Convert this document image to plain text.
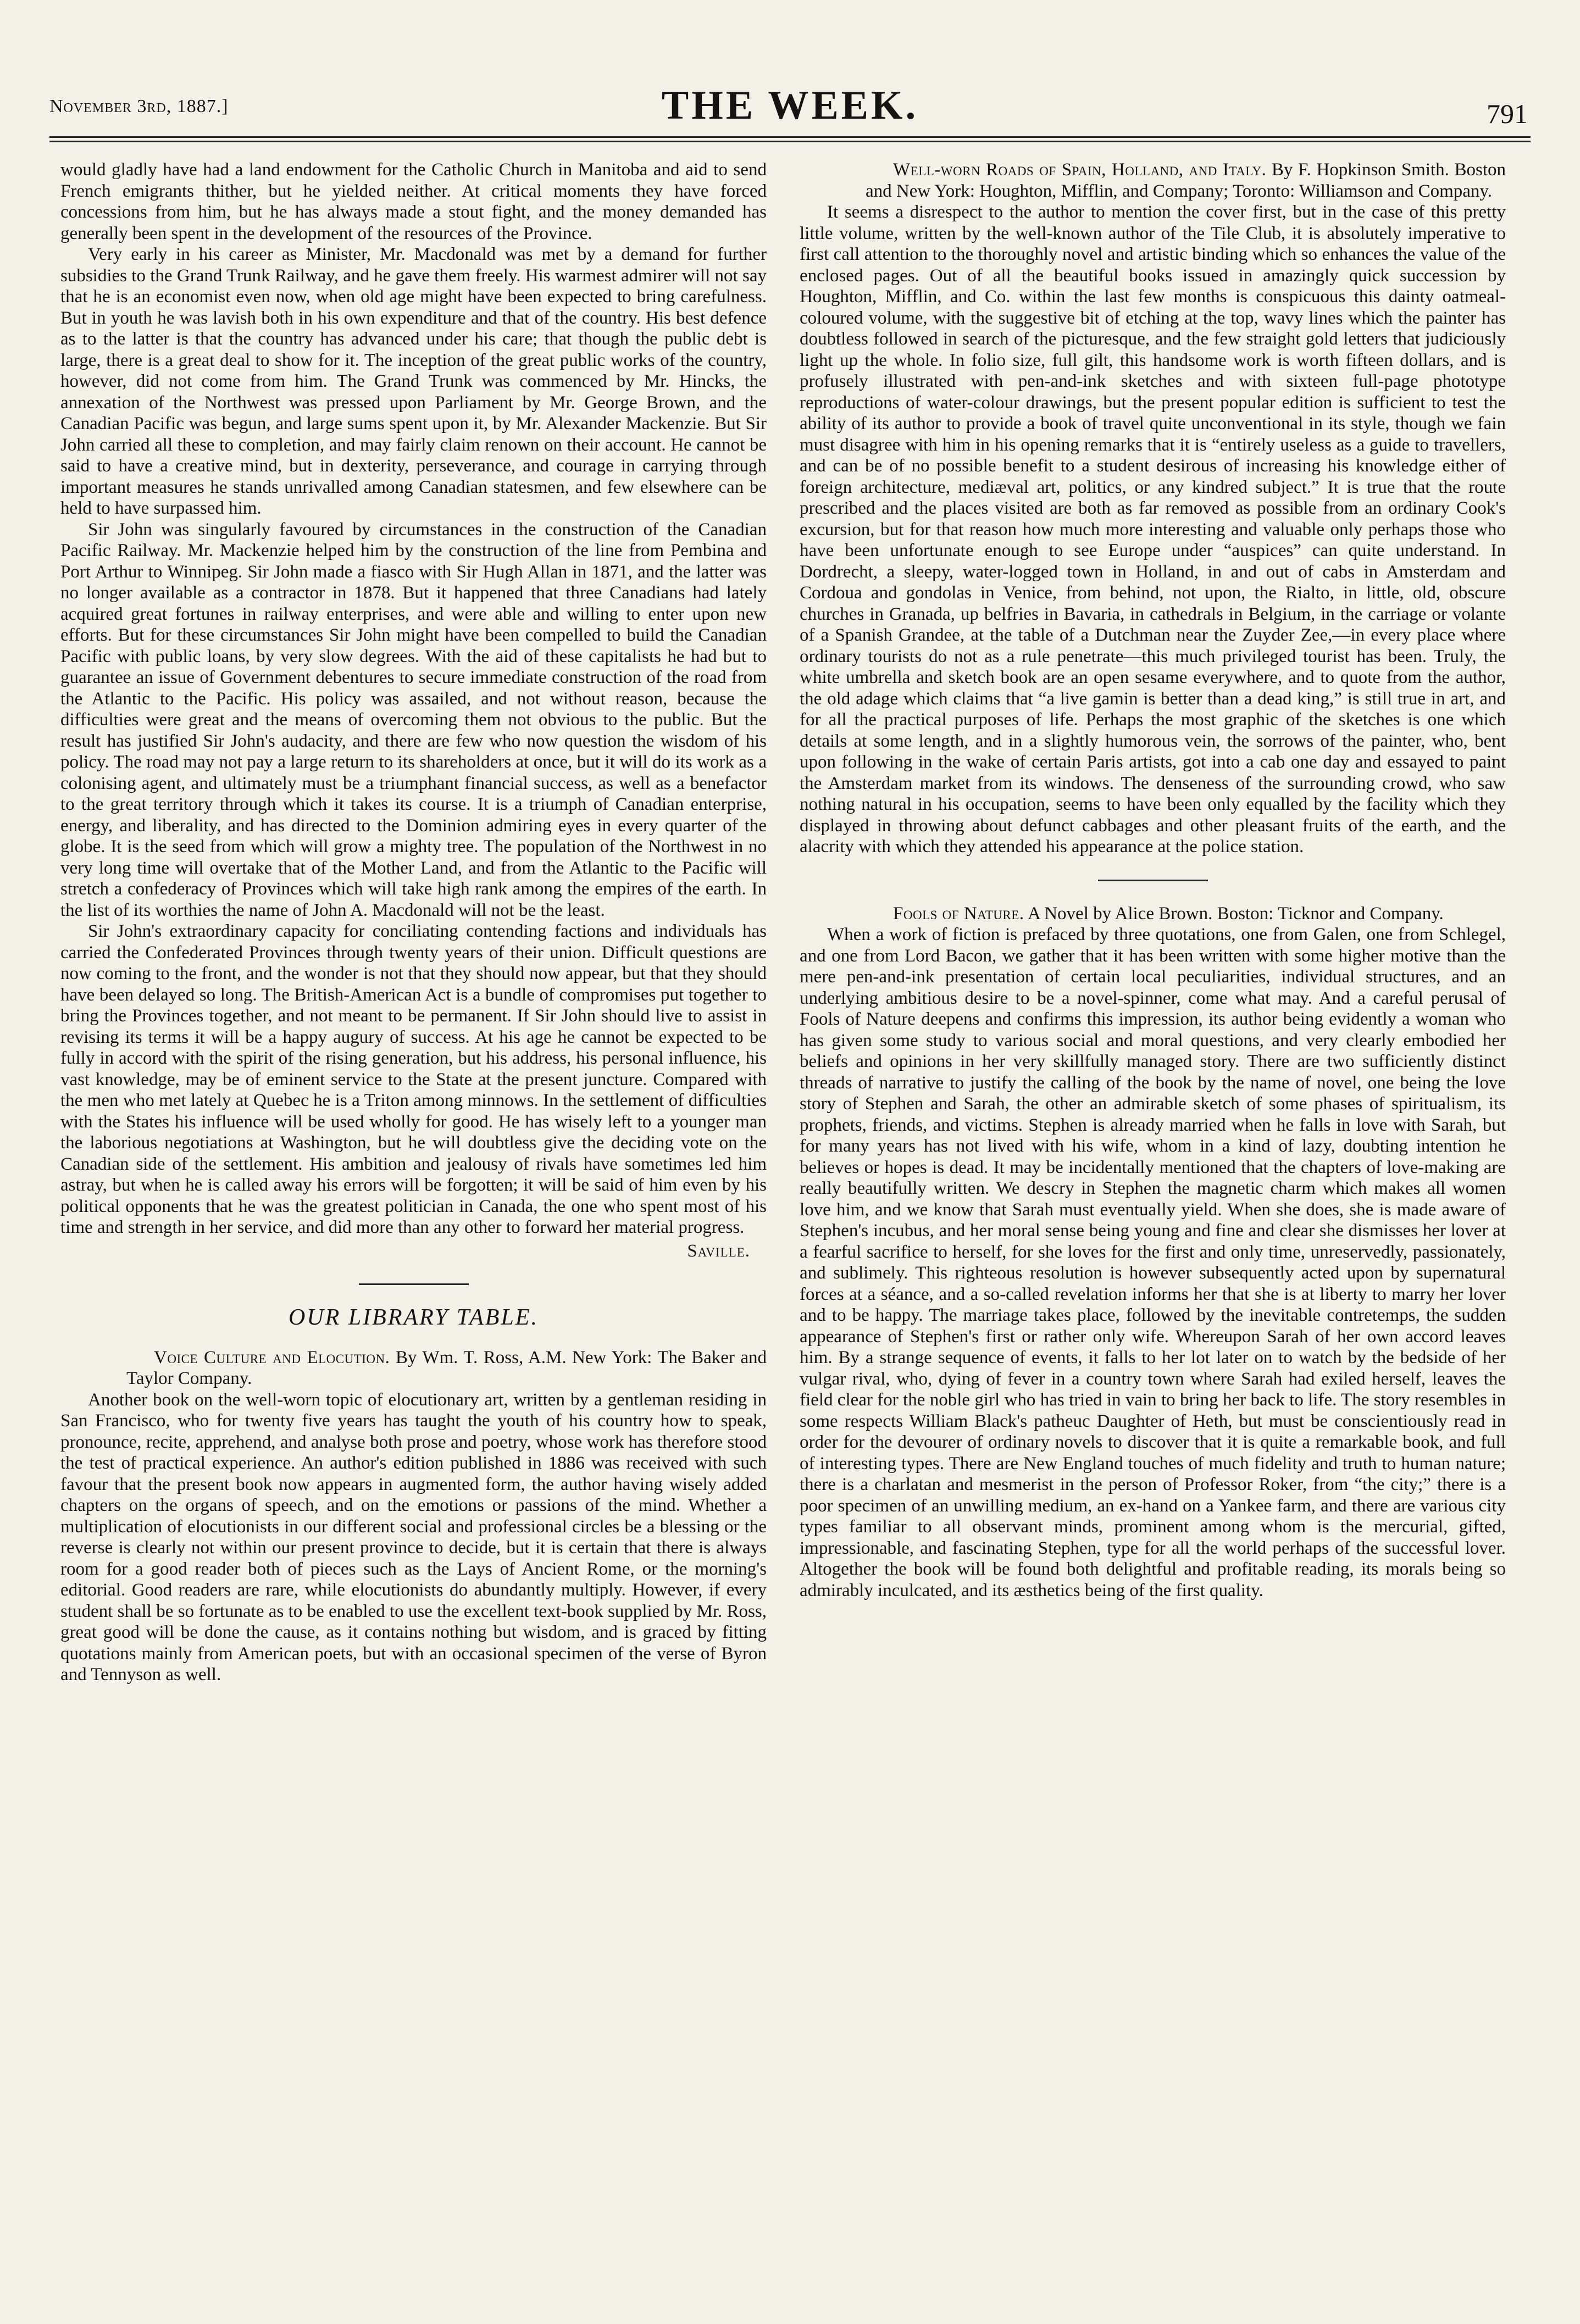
November 3rd, 1887.]	THE WEEK.	791

would gladly have had a land endowment for the Catholic Church in Manitoba and aid to send French emigrants thither, but he yielded neither. At critical moments they have forced concessions from him, but he has always made a stout fight, and the money demanded has generally been spent in the development of the resources of the Province.

Very early in his career as Minister, Mr. Macdonald was met by a demand for further subsidies to the Grand Trunk Railway, and he gave them freely. His warmest admirer will not say that he is an economist even now, when old age might have been expected to bring carefulness. But in youth he was lavish both in his own expenditure and that of the country. His best defence as to the latter is that the country has advanced under his care; that though the public debt is large, there is a great deal to show for it. The inception of the great public works of the country, however, did not come from him. The Grand Trunk was commenced by Mr. Hincks, the annexation of the Northwest was pressed upon Parliament by Mr. George Brown, and the Canadian Pacific was begun, and large sums spent upon it, by Mr. Alexander Mackenzie. But Sir John carried all these to completion, and may fairly claim renown on their account. He cannot be said to have a creative mind, but in dexterity, perseverance, and courage in carrying through important measures he stands unrivalled among Canadian statesmen, and few elsewhere can be held to have surpassed him.

Sir John was singularly favoured by circumstances in the construction of the Canadian Pacific Railway. Mr. Mackenzie helped him by the construction of the line from Pembina and Port Arthur to Winnipeg. Sir John made a fiasco with Sir Hugh Allan in 1871, and the latter was no longer available as a contractor in 1878. But it happened that three Canadians had lately acquired great fortunes in railway enterprises, and were able and willing to enter upon new efforts. But for these circumstances Sir John might have been compelled to build the Canadian Pacific with public loans, by very slow degrees. With the aid of these capitalists he had but to guarantee an issue of Government debentures to secure immediate construction of the road from the Atlantic to the Pacific. His policy was assailed, and not without reason, because the difficulties were great and the means of overcoming them not obvious to the public. But the result has justified Sir John's audacity, and there are few who now question the wisdom of his policy. The road may not pay a large return to its shareholders at once, but it will do its work as a colonising agent, and ultimately must be a triumphant financial success, as well as a benefactor to the great territory through which it takes its course. It is a triumph of Canadian enterprise, energy, and liberality, and has directed to the Dominion admiring eyes in every quarter of the globe. It is the seed from which will grow a mighty tree. The population of the Northwest in no very long time will overtake that of the Mother Land, and from the Atlantic to the Pacific will stretch a confederacy of Provinces which will take high rank among the empires of the earth. In the list of its worthies the name of John A. Macdonald will not be the least.

Sir John's extraordinary capacity for conciliating contending factions and individuals has carried the Confederated Provinces through twenty years of their union. Difficult questions are now coming to the front, and the wonder is not that they should now appear, but that they should have been delayed so long. The British-American Act is a bundle of compromises put together to bring the Provinces together, and not meant to be permanent. If Sir John should live to assist in revising its terms it will be a happy augury of success. At his age he cannot be expected to be fully in accord with the spirit of the rising generation, but his address, his personal influence, his vast knowledge, may be of eminent service to the State at the present juncture. Compared with the men who met lately at Quebec he is a Triton among minnows. In the settlement of difficulties with the States his influence will be used wholly for good. He has wisely left to a younger man the laborious negotiations at Washington, but he will doubtless give the deciding vote on the Canadian side of the settlement. His ambition and jealousy of rivals have sometimes led him astray, but when he is called away his errors will be forgotten; it will be said of him even by his political opponents that he was the greatest politician in Canada, the one who spent most of his time and strength in her service, and did more than any other to forward her material progress.

Saville.
OUR LIBRARY TABLE.

Voice Culture and Elocution. By Wm. T. Ross, A.M. New York: The Baker and Taylor Company.

Another book on the well-worn topic of elocutionary art, written by a gentleman residing in San Francisco, who for twenty five years has taught the youth of his country how to speak, pronounce, recite, apprehend, and analyse both prose and poetry, whose work has therefore stood the test of practical experience. An author's edition published in 1886 was received with such favour that the present book now appears in augmented form, the author having wisely added chapters on the organs of speech, and on the emotions or passions of the mind. Whether a multiplication of elocutionists in our different social and professional circles be a blessing or the reverse is clearly not within our present province to decide, but it is certain that there is always room for a good reader both of pieces such as the Lays of Ancient Rome, or the morning's editorial. Good readers are rare, while elocutionists do abundantly multiply. However, if every student shall be so fortunate as to be enabled to use the excellent text-book supplied by Mr. Ross, great good will be done the cause, as it contains nothing but wisdom, and is graced by fitting quotations mainly from American poets, but with an occasional specimen of the verse of Byron and Tennyson as well.

Well-worn Roads of Spain, Holland, and Italy. By F. Hopkinson Smith. Boston and New York: Houghton, Mifflin, and Company; Toronto: Williamson and Company.

It seems a disrespect to the author to mention the cover first, but in the case of this pretty little volume, written by the well-known author of the Tile Club, it is absolutely imperative to first call attention to the thoroughly novel and artistic binding which so enhances the value of the enclosed pages. Out of all the beautiful books issued in amazingly quick succession by Houghton, Mifflin, and Co. within the last few months is conspicuous this dainty oatmeal-coloured volume, with the suggestive bit of etching at the top, wavy lines which the painter has doubtless followed in search of the picturesque, and the few straight gold letters that judiciously light up the whole. In folio size, full gilt, this handsome work is worth fifteen dollars, and is profusely illustrated with pen-and-ink sketches and with sixteen full-page phototype reproductions of water-colour drawings, but the present popular edition is sufficient to test the ability of its author to provide a book of travel quite unconventional in its style, though we fain must disagree with him in his opening remarks that it is “entirely useless as a guide to travellers, and can be of no possible benefit to a student desirous of increasing his knowledge either of foreign architecture, mediæval art, politics, or any kindred subject.” It is true that the route prescribed and the places visited are both as far removed as possible from an ordinary Cook's excursion, but for that reason how much more interesting and valuable only perhaps those who have been unfortunate enough to see Europe under “auspices” can quite understand. In Dordrecht, a sleepy, water-logged town in Holland, in and out of cabs in Amsterdam and Cordoua and gondolas in Venice, from behind, not upon, the Rialto, in little, old, obscure churches in Granada, up belfries in Bavaria, in cathedrals in Belgium, in the carriage or volante of a Spanish Grandee, at the table of a Dutchman near the Zuyder Zee,—in every place where ordinary tourists do not as a rule penetrate—this much privileged tourist has been. Truly, the white umbrella and sketch book are an open sesame everywhere, and to quote from the author, the old adage which claims that “a live gamin is better than a dead king,” is still true in art, and for all the practical purposes of life. Perhaps the most graphic of the sketches is one which details at some length, and in a slightly humorous vein, the sorrows of the painter, who, bent upon following in the wake of certain Paris artists, got into a cab one day and essayed to paint the Amsterdam market from its windows. The denseness of the surrounding crowd, who saw nothing natural in his occupation, seems to have been only equalled by the facility which they displayed in throwing about defunct cabbages and other pleasant fruits of the earth, and the alacrity with which they attended his appearance at the police station.

Fools of Nature. A Novel by Alice Brown. Boston: Ticknor and Company.

When a work of fiction is prefaced by three quotations, one from Galen, one from Schlegel, and one from Lord Bacon, we gather that it has been written with some higher motive than the mere pen-and-ink presentation of certain local peculiarities, individual structures, and an underlying ambitious desire to be a novel-spinner, come what may. And a careful perusal of Fools of Nature deepens and confirms this impression, its author being evidently a woman who has given some study to various social and moral questions, and very clearly embodied her beliefs and opinions in her very skillfully managed story. There are two sufficiently distinct threads of narrative to justify the calling of the book by the name of novel, one being the love story of Stephen and Sarah, the other an admirable sketch of some phases of spiritualism, its prophets, friends, and victims. Stephen is already married when he falls in love with Sarah, but for many years has not lived with his wife, whom in a kind of lazy, doubting intention he believes or hopes is dead. It may be incidentally mentioned that the chapters of love-making are really beautifully written. We descry in Stephen the magnetic charm which makes all women love him, and we know that Sarah must eventually yield. When she does, she is made aware of Stephen's incubus, and her moral sense being young and fine and clear she dismisses her lover at a fearful sacrifice to herself, for she loves for the first and only time, unreservedly, passionately, and sublimely. This righteous resolution is however subsequently acted upon by supernatural forces at a séance, and a so-called revelation informs her that she is at liberty to marry her lover and to be happy. The marriage takes place, followed by the inevitable contretemps, the sudden appearance of Stephen's first or rather only wife. Whereupon Sarah of her own accord leaves him. By a strange sequence of events, it falls to her lot later on to watch by the bedside of her vulgar rival, who, dying of fever in a country town where Sarah had exiled herself, leaves the field clear for the noble girl who has tried in vain to bring her back to life. The story resembles in some respects William Black's patheuc Daughter of Heth, but must be conscientiously read in order for the devourer of ordinary novels to discover that it is quite a remarkable book, and full of interesting types. There are New England touches of much fidelity and truth to human nature; there is a charlatan and mesmerist in the person of Professor Roker, from “the city;” there is a poor specimen of an unwilling medium, an ex-hand on a Yankee farm, and there are various city types familiar to all observant minds, prominent among whom is the mercurial, gifted, impressionable, and fascinating Stephen, type for all the world perhaps of the successful lover. Altogether the book will be found both delightful and profitable reading, its morals being so admirably inculcated, and its æsthetics being of the first quality.
